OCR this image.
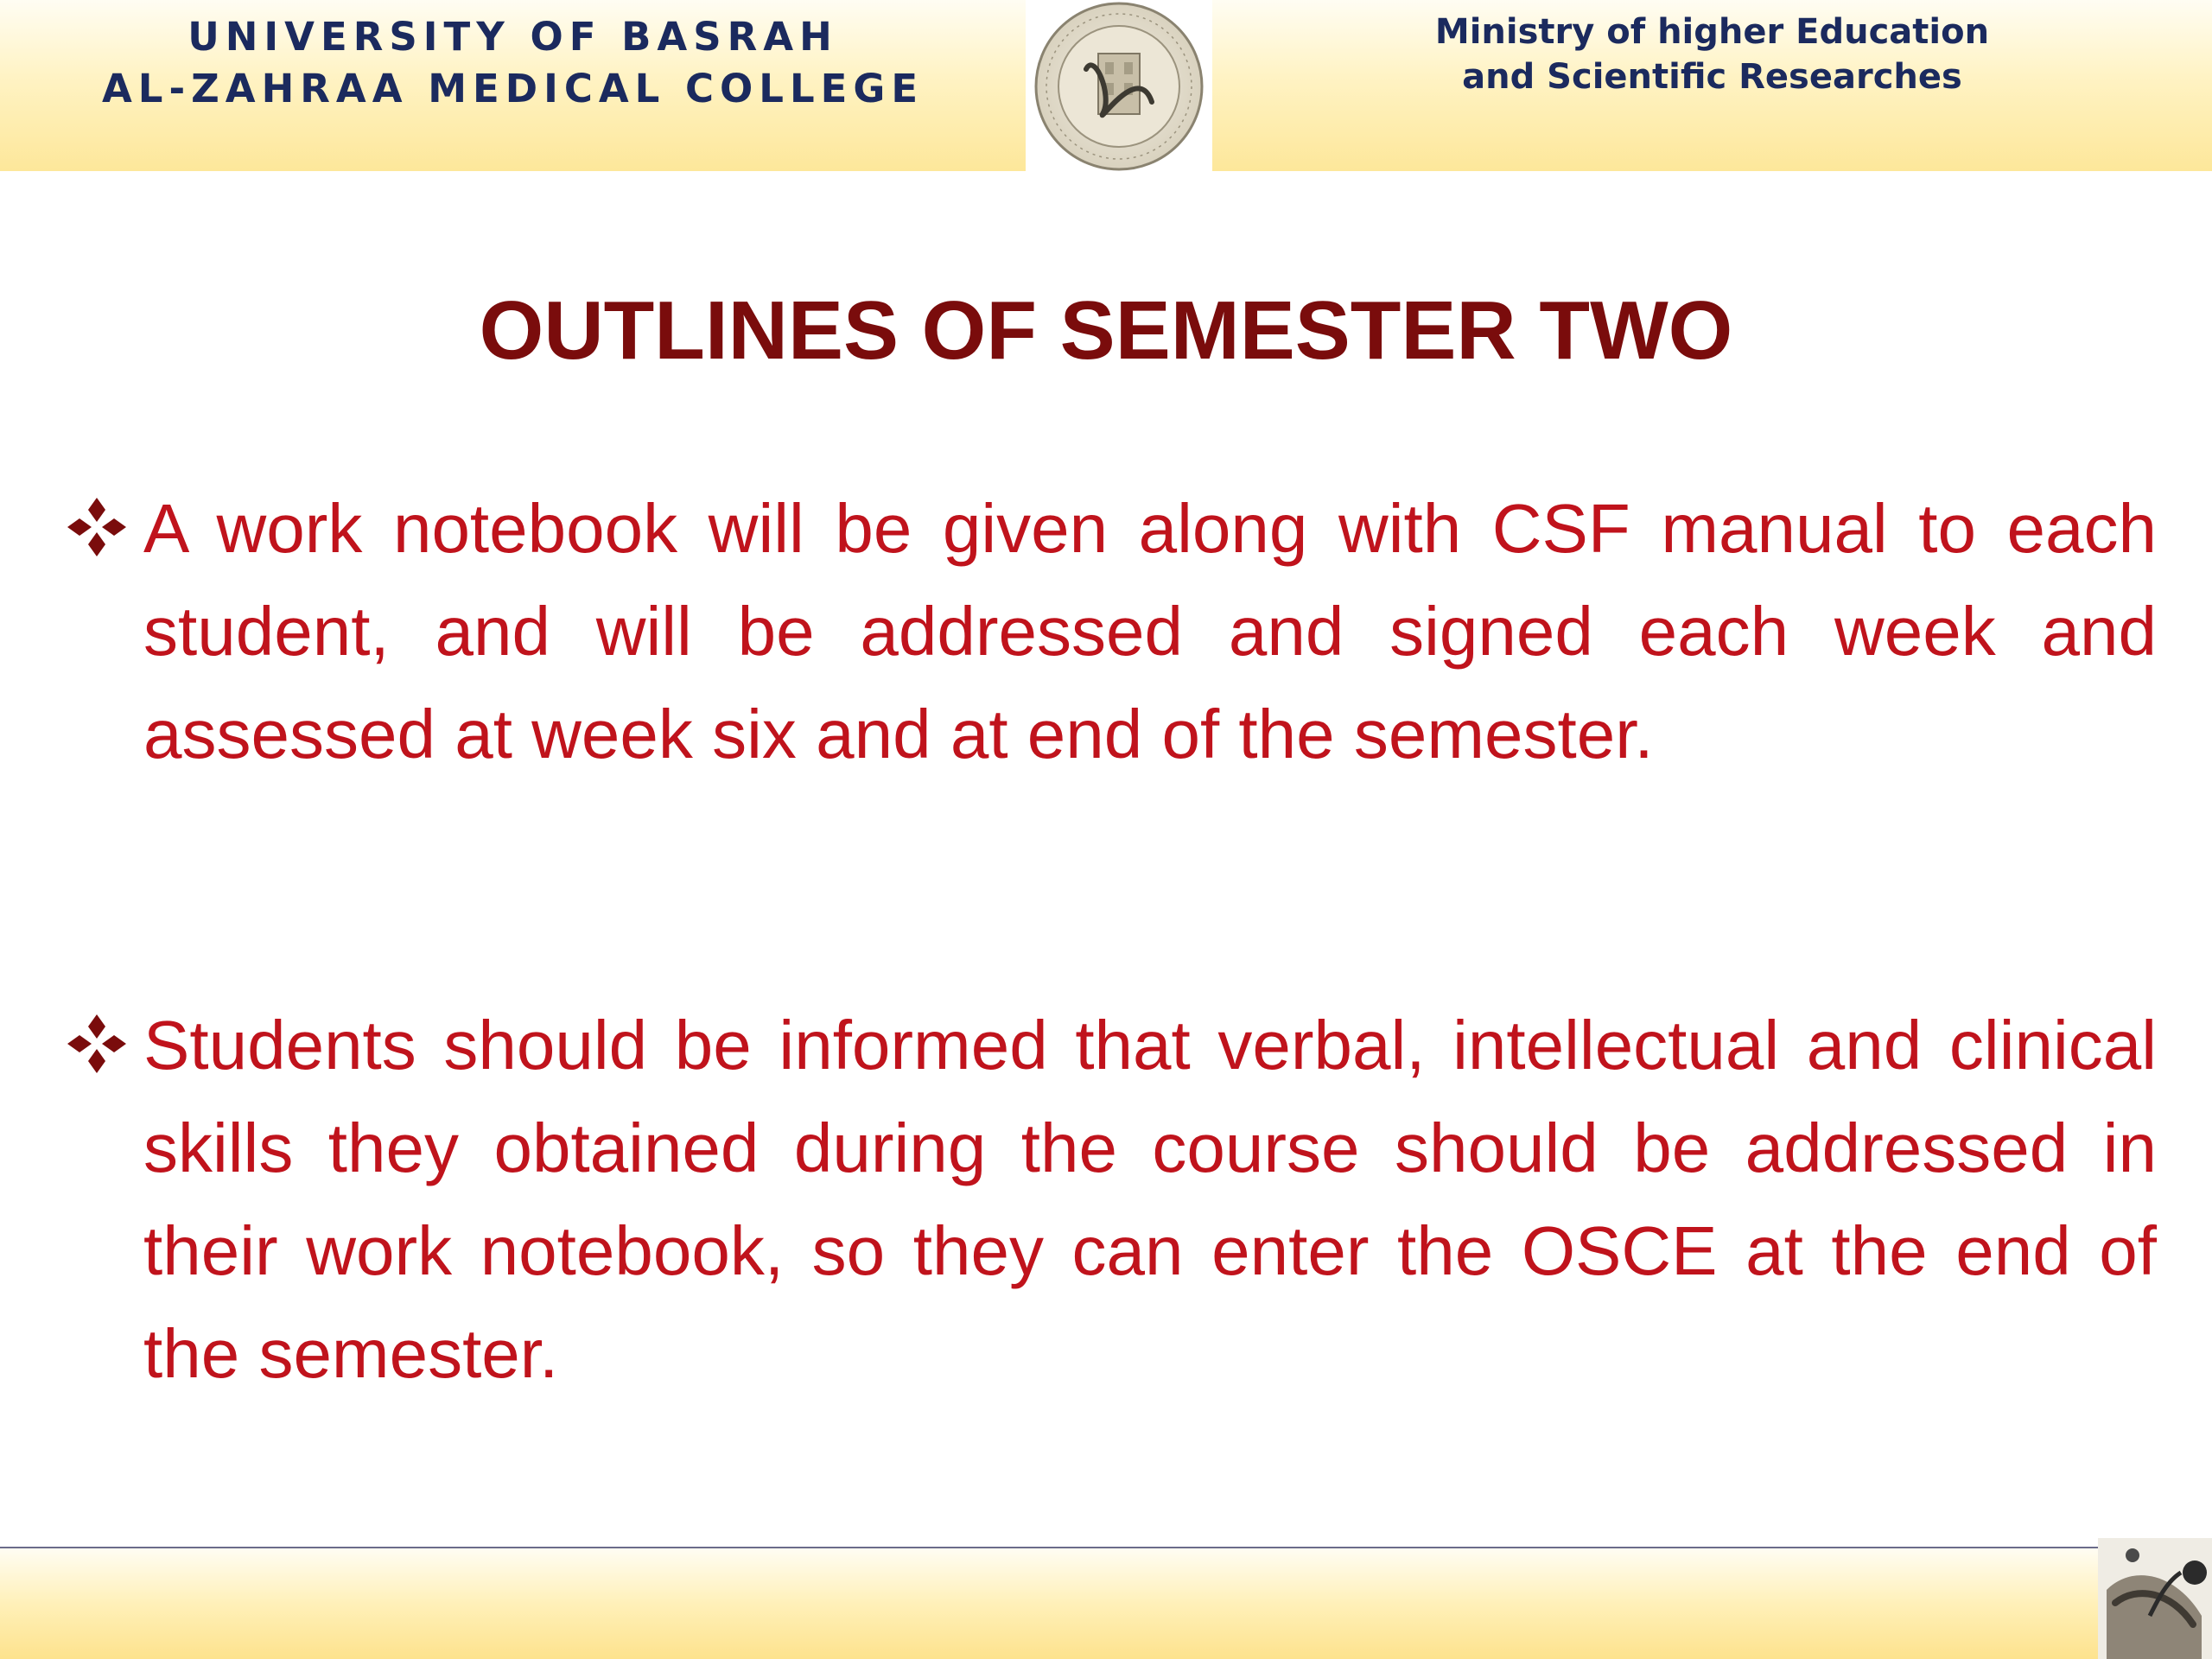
UNIVERSITY OF BASRAH
AL-ZAHRAA MEDICAL COLLEGE
Ministry of higher Education
and Scientific Researches
OUTLINES OF SEMESTER TWO
A work notebook will be given along with CSF manual to each student, and will be addressed and signed each week and assessed at week six and at end of the semester.
Students should be informed that verbal, intellectual and clinical skills they obtained during the course should be addressed in their work notebook, so they can enter the OSCE at the end of the semester.
